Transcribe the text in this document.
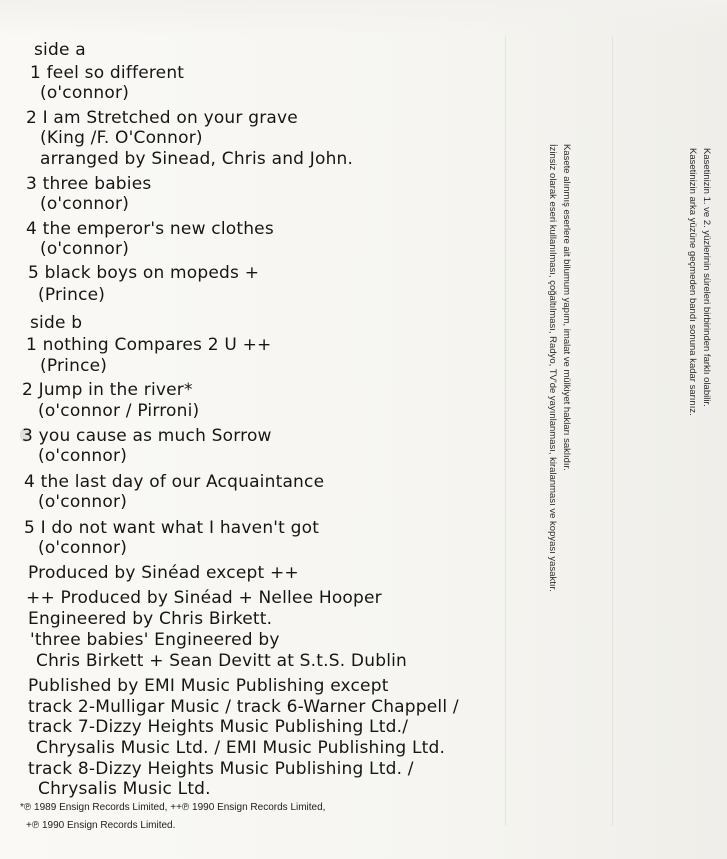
side a
1 feel so different
(o'connor)
2 I am Stretched on your grave
(King /F. O'Connor)
arranged by Sinead, Chris and John.
3 three babies
(o'connor)
4 the emperor's new clothes
(o'connor)
5 black boys on mopeds +
(Prince)
side b
1 nothing Compares 2 U ++
(Prince)
2 Jump in the river*
(o'connor / Pirroni)
3 you cause as much Sorrow
(o'connor)
4 the last day of our Acquaintance
(o'connor)
5 I do not want what I haven't got
(o'connor)
Produced by Sinéad except ++
++ Produced by Sinéad + Nellee Hooper
Engineered by Chris Birkett.
'three babies' Engineered by
Chris Birkett + Sean Devitt at S.t.S. Dublin
Published by EMI Music Publishing except
track 2-Mulligar Music / track 6-Warner Chappell /
track 7-Dizzy Heights Music Publishing Ltd./
Chrysalis Music Ltd. / EMI Music Publishing Ltd.
track 8-Dizzy Heights Music Publishing Ltd. /
Chrysalis Music Ltd.
*℗ 1989 Ensign Records Limited, ++℗ 1990 Ensign Records Limited,
+℗ 1990 Ensign Records Limited.
Kasetinizin 1. ve 2. yüzlerinin süreleri birbirinden farklı olabilir.
Kasetinizin arka yüzüne geçmeden bandı sonuna kadar sarınız.
Kasete alınmış eserlere ait bilumum yapım, imalat ve mülkiyet hakları saklıdır.
İzinsiz olarak eseri kullanılması, çoğaltılması, Radyo, TV'de yayınlanması, kiralanması ve kopyası yasaktır.
